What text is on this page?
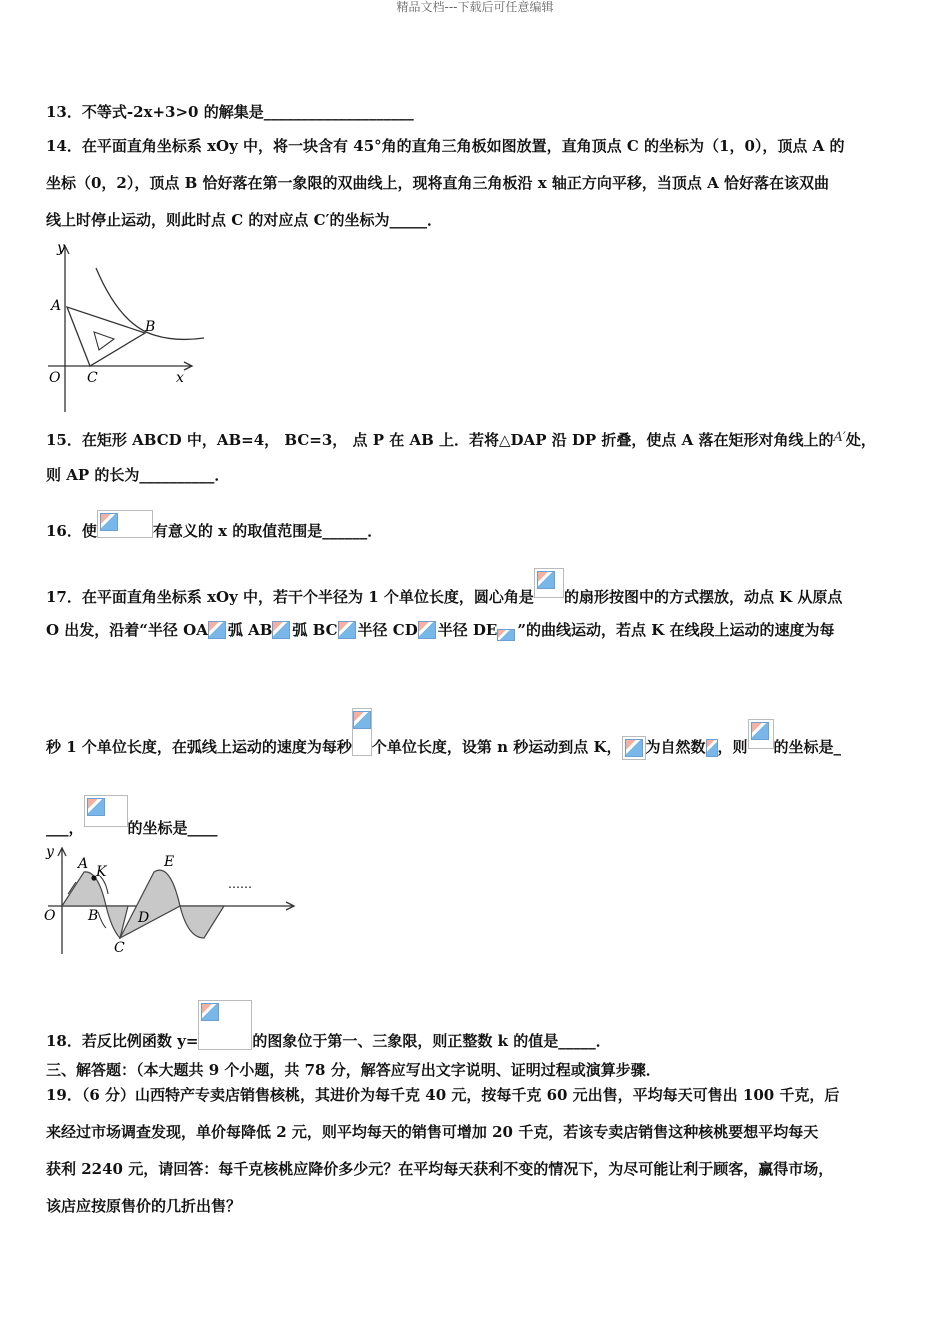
精品文档---下载后可任意编辑
13．不等式-2x+3>0 的解集是____________________
14．在平面直角坐标系 xOy 中，将一块含有 45°角的直角三角板如图放置，直角顶点 C 的坐标为（1，0），顶点 A 的
坐标（0，2），顶点 B 恰好落在第一象限的双曲线上，现将直角三角板沿 x 轴正方向平移，当顶点 A 恰好落在该双曲
线上时停止运动，则此时点 C 的对应点 C′的坐标为_____．
y
A
B
O C	x
15．在矩形 ABCD 中，AB=4， BC=3， 点 P 在 AB 上．若将△DAP 沿 DP 折叠，使点 A 落在矩形对角线上的A′处，
则 AP 的长为__________．
16．使	有意义的 x 的取值范围是______．
17．在平面直角坐标系 xOy 中，若干个半径为 1 个单位长度，圆心角是 的扇形按图中的方式摆放，动点 K 从原点
O 出发，沿着“半径 OA 弧 AB 弧 BC 半径 CD 半径 DE ”的曲线运动，若点 K 在线段上运动的速度为每
秒 1 个单位长度，在弧线上运动的速度为每秒 个单位长度，设第 n 秒运动到点 K， 为自然数 ，则 的坐标是_
___，	的坐标是____
y
A K
E
O B	D
C
……
18．若反比例函数 y=	的图象位于第一、三象限，则正整数 k 的值是_____．
三、解答题：（本大题共 9 个小题，共 78 分，解答应写出文字说明、证明过程或演算步骤．
19．（6 分）山西特产专卖店销售核桃，其进价为每千克 40 元，按每千克 60 元出售，平均每天可售出 100 千克，后
来经过市场调查发现，单价每降低 2 元，则平均每天的销售可增加 20 千克，若该专卖店销售这种核桃要想平均每天
获利 2240 元，请回答：每千克核桃应降价多少元？在平均每天获利不变的情况下，为尽可能让利于顾客，赢得市场，
该店应按原售价的几折出售？
